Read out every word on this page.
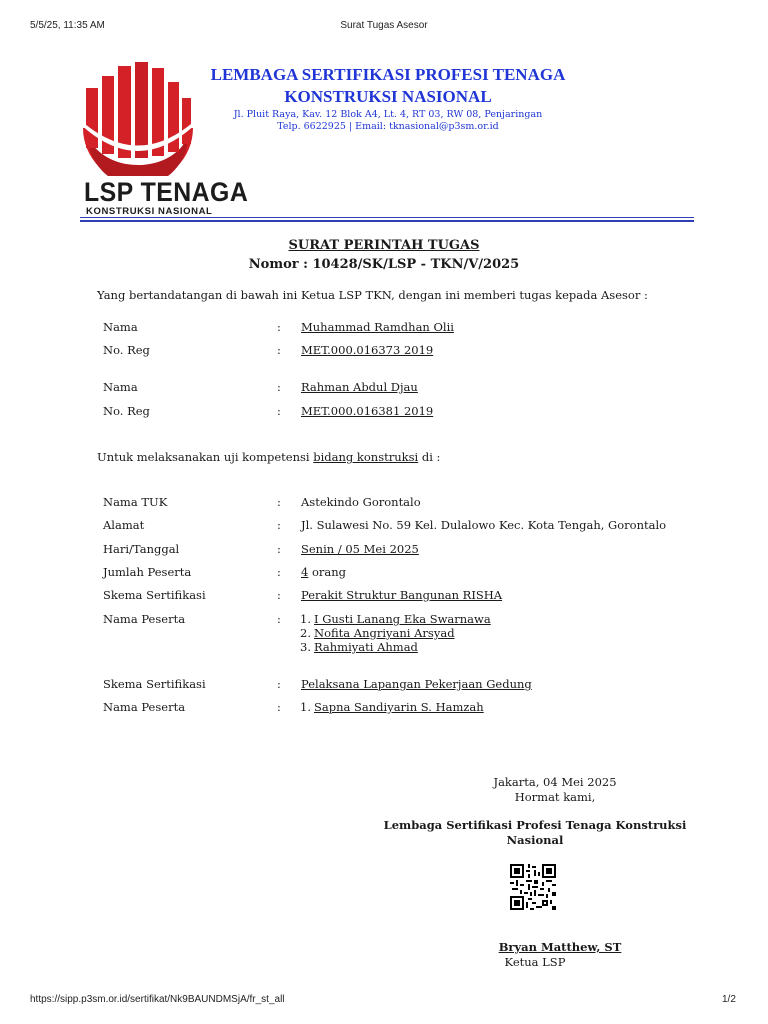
5/5/25, 11:35 AM	Surat Tugas Asesor
LSP TENAGA
KONSTRUKSI NASIONAL
LEMBAGA SERTIFIKASI PROFESI TENAGA
KONSTRUKSI NASIONAL
Jl. Pluit Raya, Kav. 12 Blok A4, Lt. 4, RT 03, RW 08, Penjaringan
Telp. 6622925 | Email: tknasional@p3sm.or.id
SURAT PERINTAH TUGAS
Nomor : 10428/SK/LSP - TKN/V/2025
Yang bertandatangan di bawah ini Ketua LSP TKN, dengan ini memberi tugas kepada Asesor :
Nama	: Muhammad Ramdhan Olii
No. Reg	: MET.000.016373 2019
Nama	: Rahman Abdul Djau
No. Reg	: MET.000.016381 2019
Untuk melaksanakan uji kompetensi bidang konstruksi di :
Nama TUK	: Astekindo Gorontalo
Alamat	: Jl. Sulawesi No. 59 Kel. Dulalowo Kec. Kota Tengah, Gorontalo
Hari/Tanggal	: Senin / 05 Mei 2025
Jumlah Peserta	: 4 orang
Skema Sertifikasi	: Perakit Struktur Bangunan RISHA
Nama Peserta	: 1. I Gusti Lanang Eka Swarnawa
2. Nofita Angriyani Arsyad
3. Rahmiyati Ahmad
Skema Sertifikasi	: Pelaksana Lapangan Pekerjaan Gedung
Nama Peserta	: 1. Sapna Sandiyarin S. Hamzah
Jakarta, 04 Mei 2025
Hormat kami,
Lembaga Sertifikasi Profesi Tenaga Konstruksi
Nasional
Bryan Matthew, ST
Ketua LSP
https://sipp.p3sm.or.id/sertifikat/Nk9BAUNDMSjA/fr_st_all	1/2
